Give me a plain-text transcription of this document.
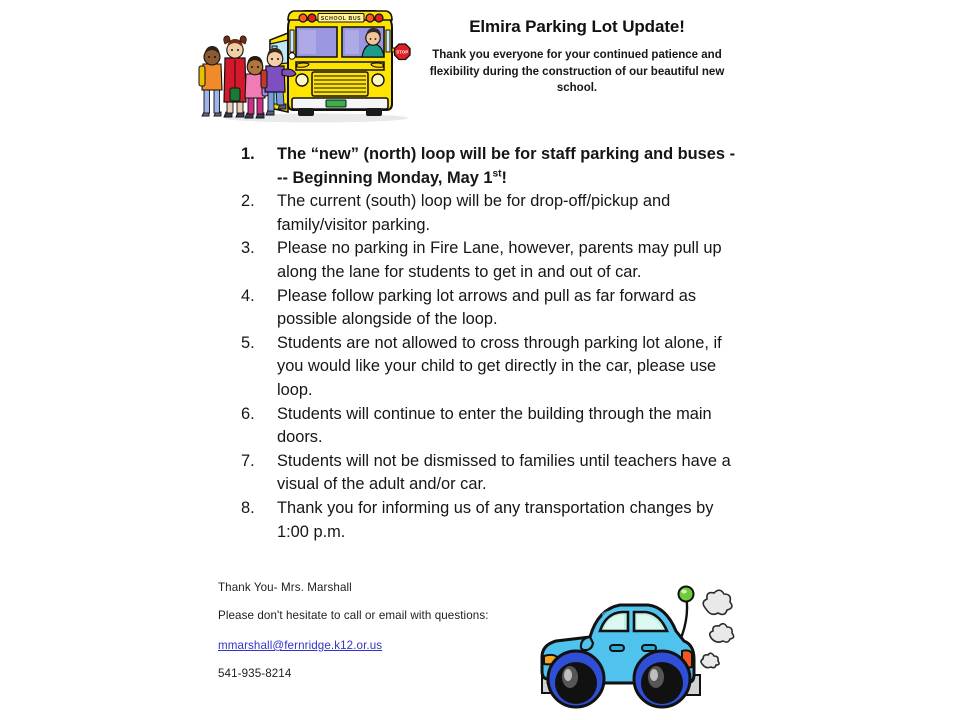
SCHOOL BUS
STOP
Elmira Parking Lot Update!

Thank you everyone for your continued patience and flexibility during the construction of our beautiful new school.

1.	The “new” (north) loop will be for staff parking and buses --- Beginning Monday, May 1st!
2.	The current (south) loop will be for drop-off/pickup and family/visitor parking.
3.	Please no parking in Fire Lane, however, parents may pull up along the lane for students to get in and out of car.
4.	Please follow parking lot arrows and pull as far forward as possible alongside of the loop.
5.	Students are not allowed to cross through parking lot alone, if you would like your child to get directly in the car, please use loop.
6.	Students will continue to enter the building through the main doors.
7.	Students will not be dismissed to families until teachers have a visual of the adult and/or car.
8.	Thank you for informing us of any transportation changes by 1:00 p.m.

Thank You- Mrs. Marshall

Please don't hesitate to call or email with questions:

mmarshall@fernridge.k12.or.us

541-935-8214
